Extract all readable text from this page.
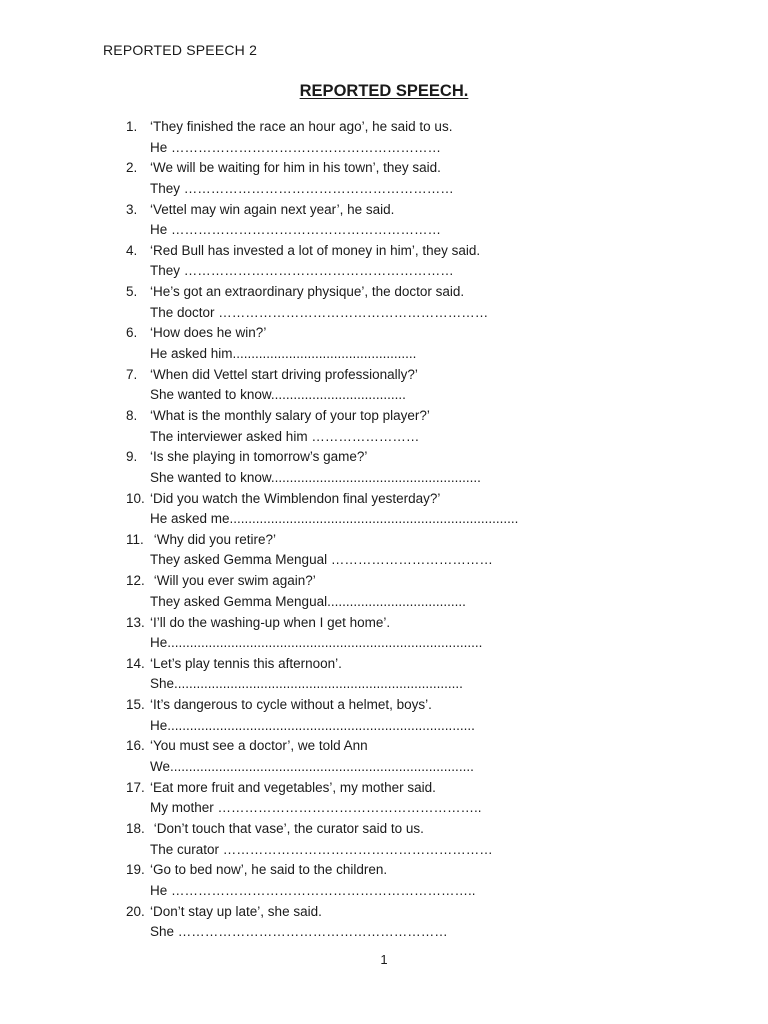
REPORTED SPEECH 2
REPORTED SPEECH.
1. ‘They finished the race an hour ago’, he said to us.
He ……………………………………………………
2. ‘We will be waiting for him in his town’, they said.
They ……………………………………………………
3. ‘Vettel may win again next year’, he said.
He ……………………………………………………
4. ‘Red Bull has invested a lot of money in him’, they said.
They ……………………………………………………
5. ‘He’s got an extraordinary physique’, the doctor said.
The doctor ……………………………………………………
6. ‘How does he win?’
He asked him.................................................
7. ‘When did Vettel start driving professionally?’
She wanted to know....................................
8. ‘What is the monthly salary of your top player?’
The interviewer asked him ……………………
9. ‘Is she playing in tomorrow’s game?’
She wanted to know........................................................
10. ‘Did you watch the Wimblendon final yesterday?’
He asked me.............................................................................
11. ‘Why did you retire?’
They asked Gemma Mengual ………………………………
12. ‘Will you ever swim again?’
They asked Gemma Mengual.....................................
13. ‘I’ll do the washing-up when I get home’.
He....................................................................................
14. ‘Let’s play tennis this afternoon’.
She.............................................................................
15. ‘It’s dangerous to cycle without a helmet, boys’.
He..................................................................................
16. ‘You must see a doctor’, we told Ann
We.................................................................................
17. ‘Eat more fruit and vegetables’, my mother said.
My mother …………………………………………………..
18. ‘Don’t touch that vase’, the curator said to us.
The curator ……………………………………………………
19. ‘Go to bed now’, he said to the children.
He …………………………………………………………..
20. ‘Don’t stay up late’, she said.
She ……………………………………………………
1
